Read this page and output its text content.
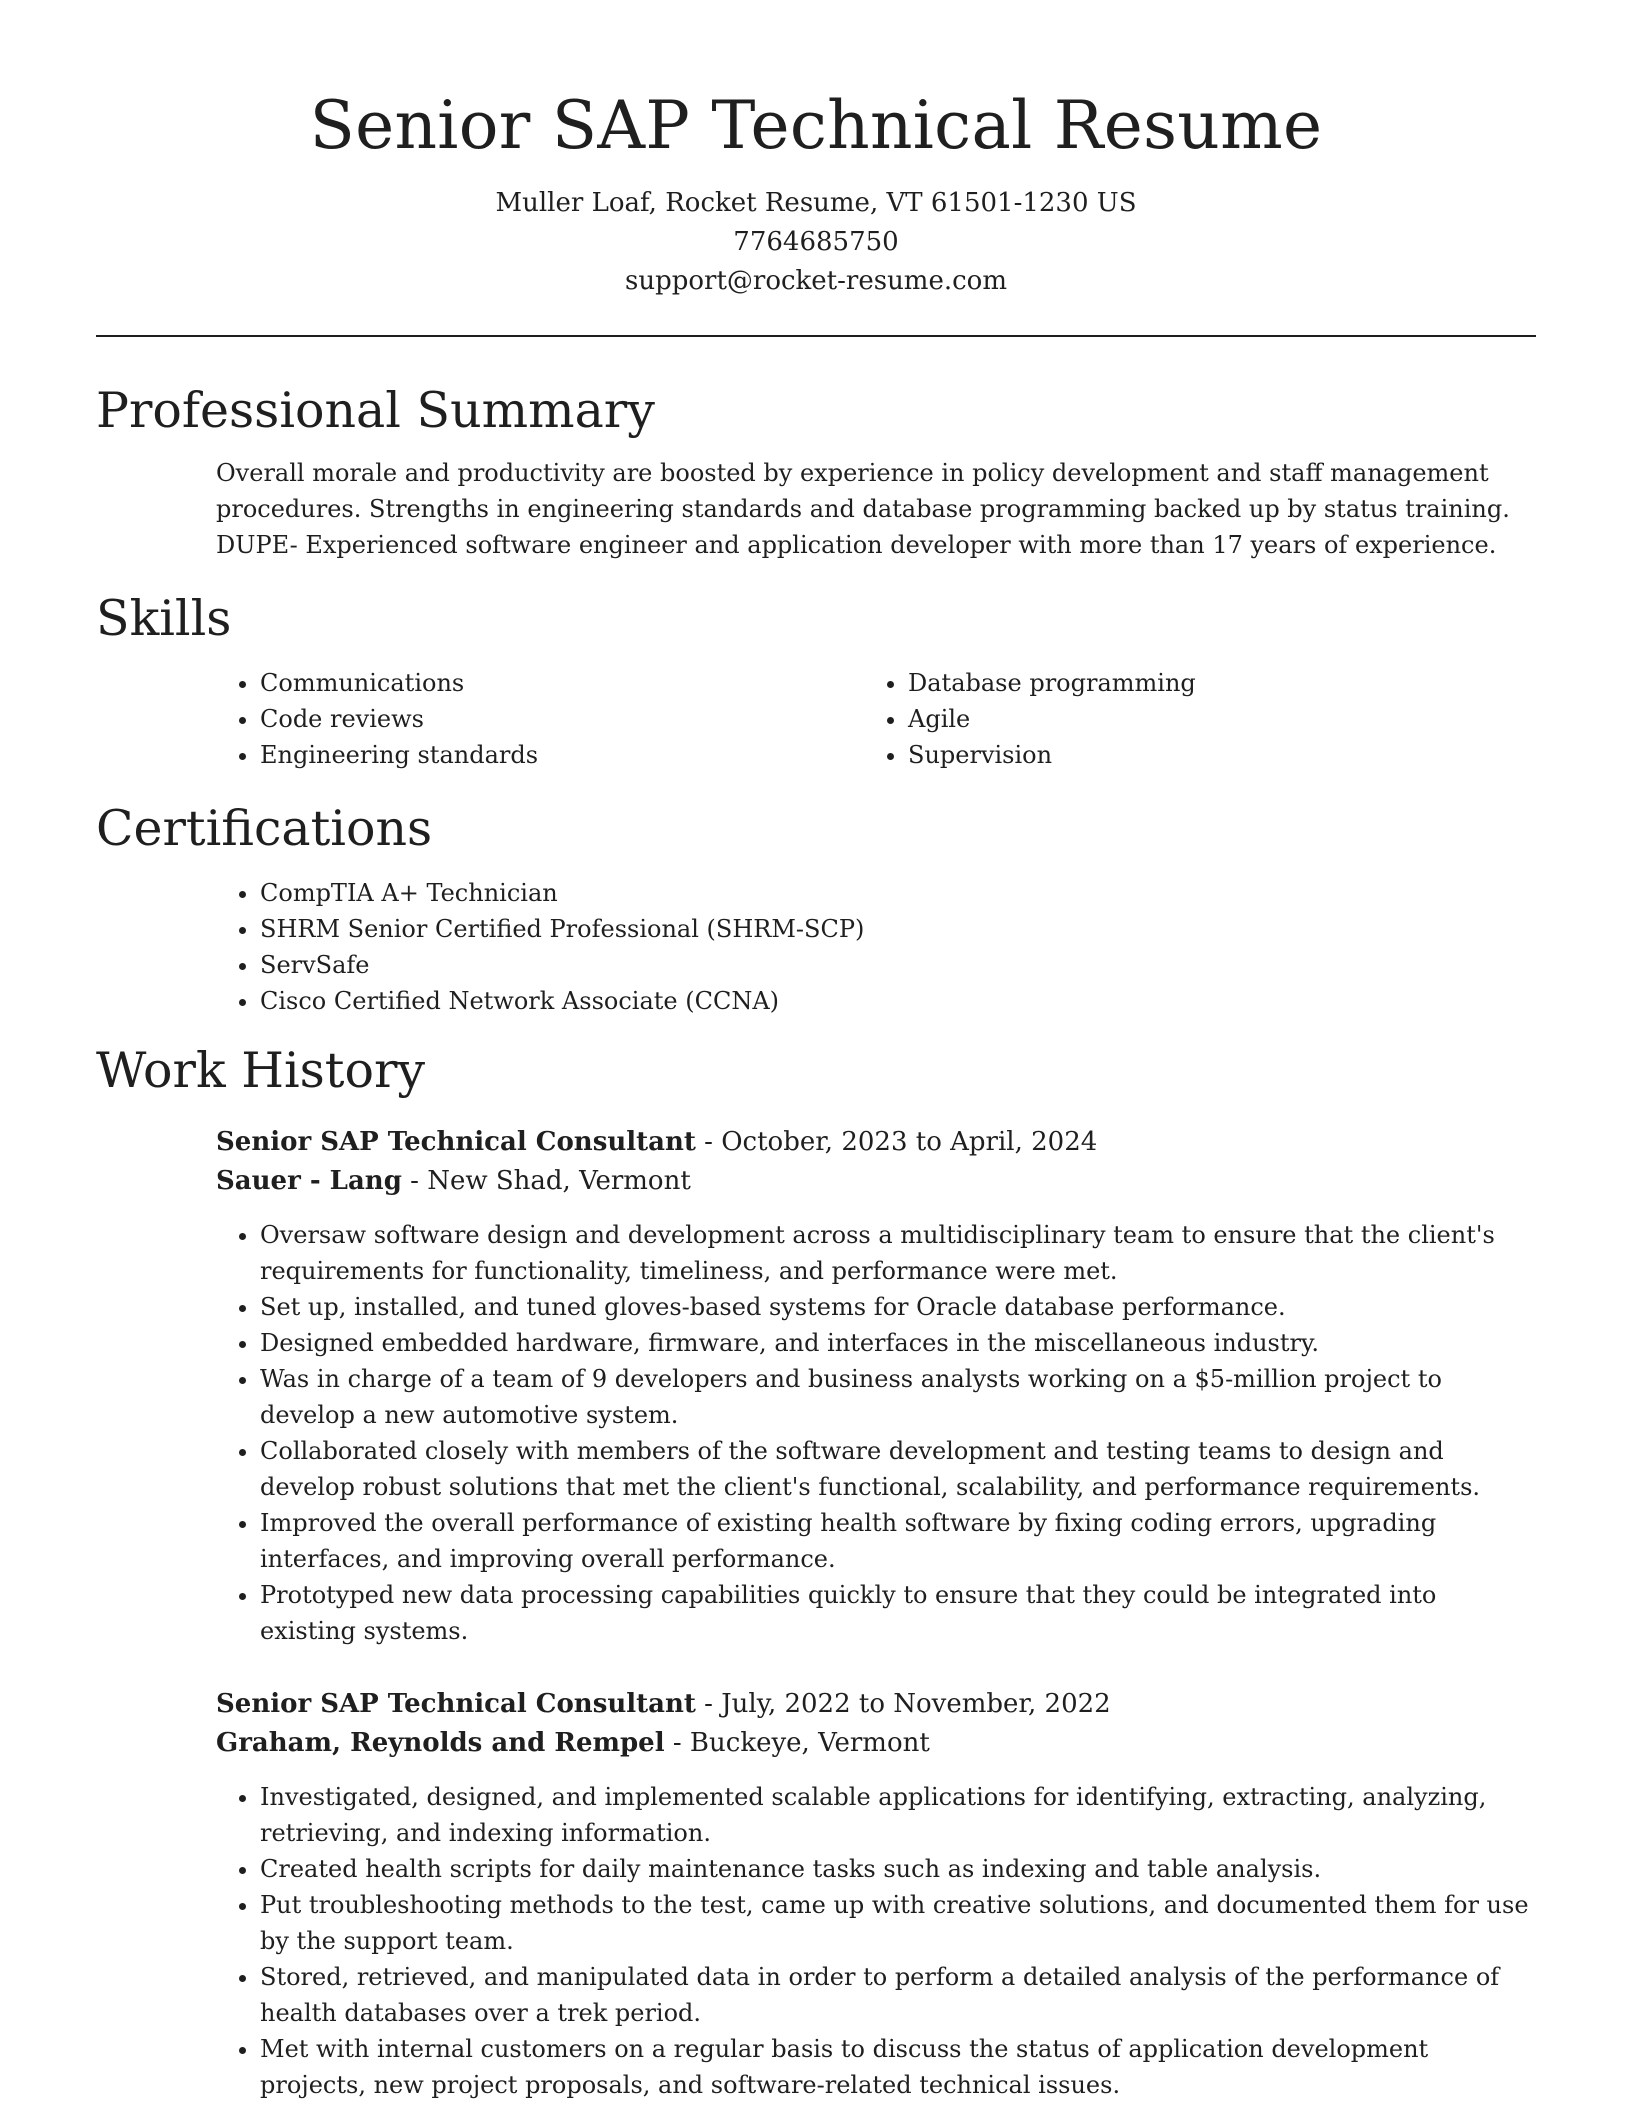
Senior SAP Technical Resume
Muller Loaf, Rocket Resume, VT 61501-1230 US
7764685750
support@rocket-resume.com
Professional Summary
Overall morale and productivity are boosted by experience in policy development and staff management
procedures. Strengths in engineering standards and database programming backed up by status training.
DUPE- Experienced software engineer and application developer with more than 17 years of experience.
Skills
• Communications
• Code reviews
• Engineering standards
• Database programming
• Agile
• Supervision
Certifications
• CompTIA A+ Technician
• SHRM Senior Certified Professional (SHRM-SCP)
• ServSafe
• Cisco Certified Network Associate (CCNA)
Work History
Senior SAP Technical Consultant - October, 2023 to April, 2024
Sauer - Lang - New Shad, Vermont
• Oversaw software design and development across a multidisciplinary team to ensure that the client's requirements for functionality, timeliness, and performance were met.
• Set up, installed, and tuned gloves-based systems for Oracle database performance.
• Designed embedded hardware, firmware, and interfaces in the miscellaneous industry.
• Was in charge of a team of 9 developers and business analysts working on a $5-million project to develop a new automotive system.
• Collaborated closely with members of the software development and testing teams to design and develop robust solutions that met the client's functional, scalability, and performance requirements.
• Improved the overall performance of existing health software by fixing coding errors, upgrading interfaces, and improving overall performance.
• Prototyped new data processing capabilities quickly to ensure that they could be integrated into existing systems.
Senior SAP Technical Consultant - July, 2022 to November, 2022
Graham, Reynolds and Rempel - Buckeye, Vermont
• Investigated, designed, and implemented scalable applications for identifying, extracting, analyzing, retrieving, and indexing information.
• Created health scripts for daily maintenance tasks such as indexing and table analysis.
• Put troubleshooting methods to the test, came up with creative solutions, and documented them for use by the support team.
• Stored, retrieved, and manipulated data in order to perform a detailed analysis of the performance of health databases over a trek period.
• Met with internal customers on a regular basis to discuss the status of application development projects, new project proposals, and software-related technical issues.
